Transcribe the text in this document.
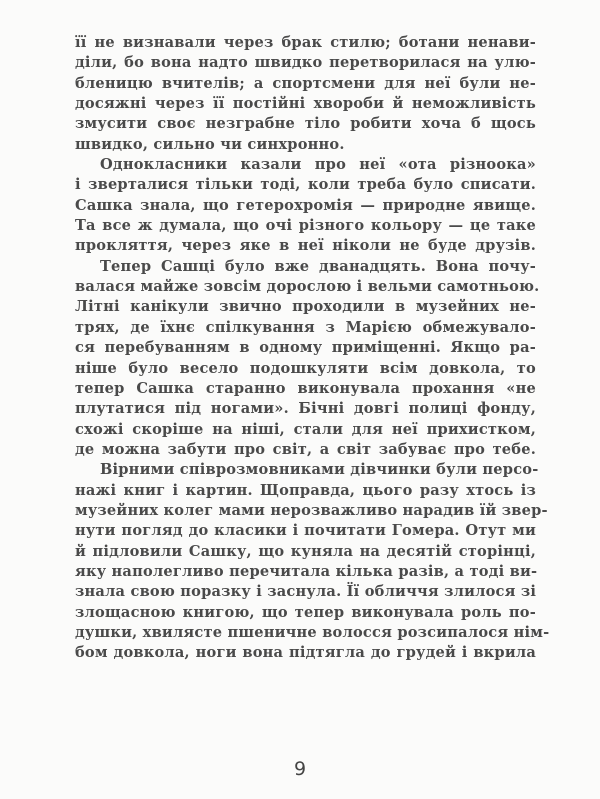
її не визнавали через брак стилю; ботани ненави-
діли, бо вона надто швидко перетворилася на улю-
бленицю вчителів; а спортсмени для неї були не-
досяжні через її постійні хвороби й неможливість
змусити своє незграбне тіло робити хоча б щось
швидко, сильно чи синхронно.
Однокласники казали про неї «ота різноока»
і зверталися тільки тоді, коли треба було списати.
Сашка знала, що гетерохромія — природне явище.
Та все ж думала, що очі різного кольору — це таке
прокляття, через яке в неї ніколи не буде друзів.
Тепер Сашці було вже дванадцять. Вона почу-
валася майже зовсім дорослою і вельми самотньою.
Літні канікули звично проходили в музейних не-
трях, де їхнє спілкування з Марією обмежувало-
ся перебуванням в одному приміщенні. Якщо ра-
ніше було весело подошкуляти всім довкола, то
тепер Сашка старанно виконувала прохання «не
плутатися під ногами». Бічні довгі полиці фонду,
схожі скоріше на ніші, стали для неї прихистком,
де можна забути про світ, а світ забуває про тебе.
Вірними співрозмовниками дівчинки були персо-
нажі книг і картин. Щоправда, цього разу хтось із
музейних колег мами нерозважливо нарадив їй звер-
нути погляд до класики і почитати Гомера. Отут ми
й підловили Сашку, що куняла на десятій сторінці,
яку наполегливо перечитала кілька разів, а тоді ви-
знала свою поразку і заснула. Її обличчя злилося зі
злощасною книгою, що тепер виконувала роль по-
душки, хвилясте пшеничне волосся розсипалося нім-
бом довкола, ноги вона підтягла до грудей і вкрила
9
